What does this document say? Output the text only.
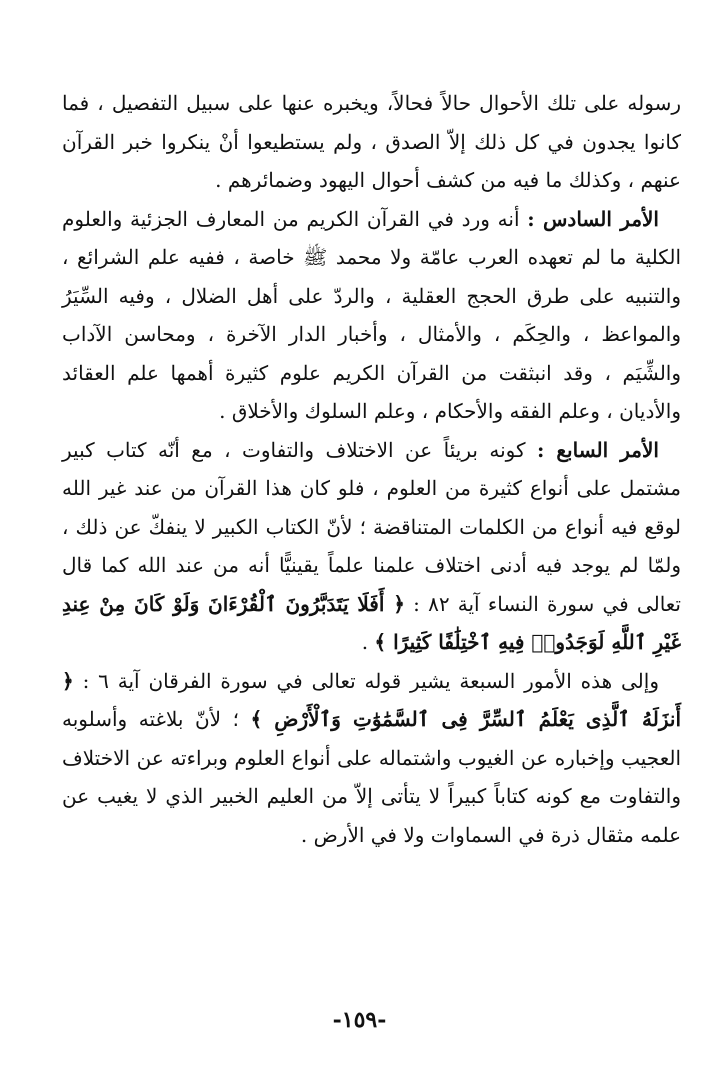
رسوله على تلك الأحوال حالاً فحالاً، ويخبره عنها على سبيل التفصيل ، فما كانوا يجدون في كل ذلك إلاّ الصدق ، ولم يستطيعوا أنْ ينكروا خبر القرآن عنهم ، وكذلك ما فيه من كشف أحوال اليهود وضمائرهم .

الأمر السادس : أنه ورد في القرآن الكريم من المعارف الجزئية والعلوم الكلية ما لم تعهده العرب عامّة ولا محمد ﷺ خاصة ، ففيه علم الشرائع ، والتنبيه على طرق الحجج العقلية ، والردّ على أهل الضلال ، وفيه السِّيَرُ والمواعظ ، والحِكَم ، والأمثال ، وأخبار الدار الآخرة ، ومحاسن الآداب والشِّيَم ، وقد انبثقت من القرآن الكريم علوم كثيرة أهمها علم العقائد والأديان ، وعلم الفقه والأحكام ، وعلم السلوك والأخلاق .

الأمر السابع : كونه بريئاً عن الاختلاف والتفاوت ، مع أنّه كتاب كبير مشتمل على أنواع كثيرة من العلوم ، فلو كان هذا القرآن من عند غير الله لوقع فيه أنواع من الكلمات المتناقضة ؛ لأنّ الكتاب الكبير لا ينفكّ عن ذلك ، ولمّا لم يوجد فيه أدنى اختلاف علمنا علماً يقينيًّا أنه من عند الله كما قال تعالى في سورة النساء آية ٨٢ : ﴿ أَفَلَا يَتَدَبَّرُونَ ٱلْقُرْءَانَ وَلَوْ كَانَ مِنْ عِندِ غَيْرِ ٱللَّهِ لَوَجَدُوا۟ فِيهِ ٱخْتِلَٰفًا كَثِيرًا ﴾ .

وإلى هذه الأمور السبعة يشير قوله تعالى في سورة الفرقان آية ٦ : ﴿ أَنزَلَهُ ٱلَّذِى يَعْلَمُ ٱلسِّرَّ فِى ٱلسَّمَٰوَٰتِ وَٱلْأَرْضِ ﴾ ؛ لأنّ بلاغته وأسلوبه العجيب وإخباره عن الغيوب واشتماله على أنواع العلوم وبراءته عن الاختلاف والتفاوت مع كونه كتاباً كبيراً لا يتأتى إلاّ من العليم الخبير الذي لا يغيب عن علمه مثقال ذرة في السماوات ولا في الأرض .

-١٥٩-
